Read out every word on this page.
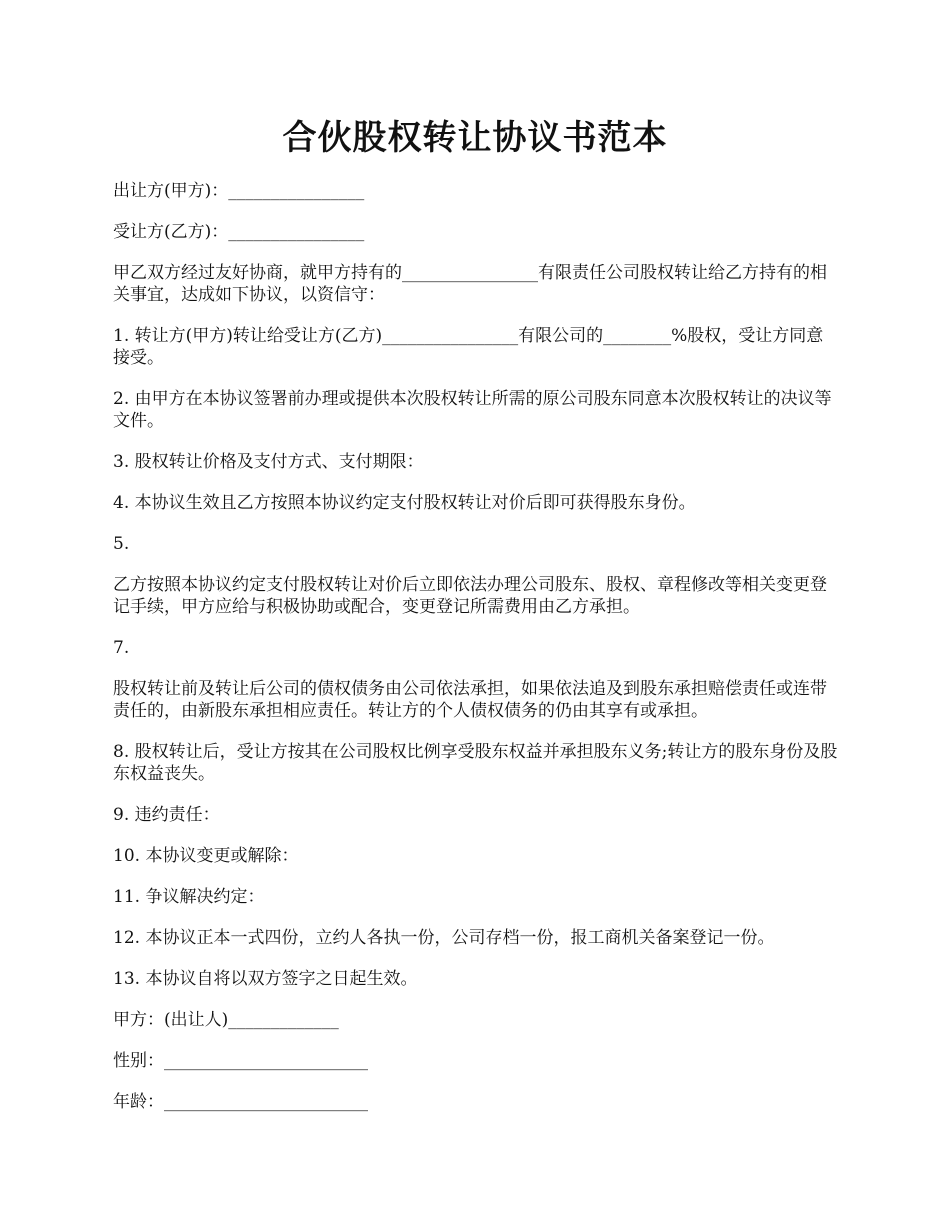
合伙股权转让协议书范本

出让方(甲方)：________________

受让方(乙方)：________________

甲乙双方经过友好协商，就甲方持有的________________有限责任公司股权转让给乙方持有的相关事宜，达成如下协议，以资信守：

1. 转让方(甲方)转让给受让方(乙方)________________有限公司的________%股权，受让方同意接受。

2. 由甲方在本协议签署前办理或提供本次股权转让所需的原公司股东同意本次股权转让的决议等文件。

3. 股权转让价格及支付方式、支付期限：

4. 本协议生效且乙方按照本协议约定支付股权转让对价后即可获得股东身份。

5.

乙方按照本协议约定支付股权转让对价后立即依法办理公司股东、股权、章程修改等相关变更登记手续，甲方应给与积极协助或配合，变更登记所需费用由乙方承担。

7.

股权转让前及转让后公司的债权债务由公司依法承担，如果依法追及到股东承担赔偿责任或连带责任的，由新股东承担相应责任。转让方的个人债权债务的仍由其享有或承担。

8. 股权转让后，受让方按其在公司股权比例享受股东权益并承担股东义务;转让方的股东身份及股东权益丧失。

9. 违约责任：

10. 本协议变更或解除：

11. 争议解决约定：

12. 本协议正本一式四份，立约人各执一份，公司存档一份，报工商机关备案登记一份。

13. 本协议自将以双方签字之日起生效。

甲方：(出让人)_____________

性别：________________________

年龄：________________________
